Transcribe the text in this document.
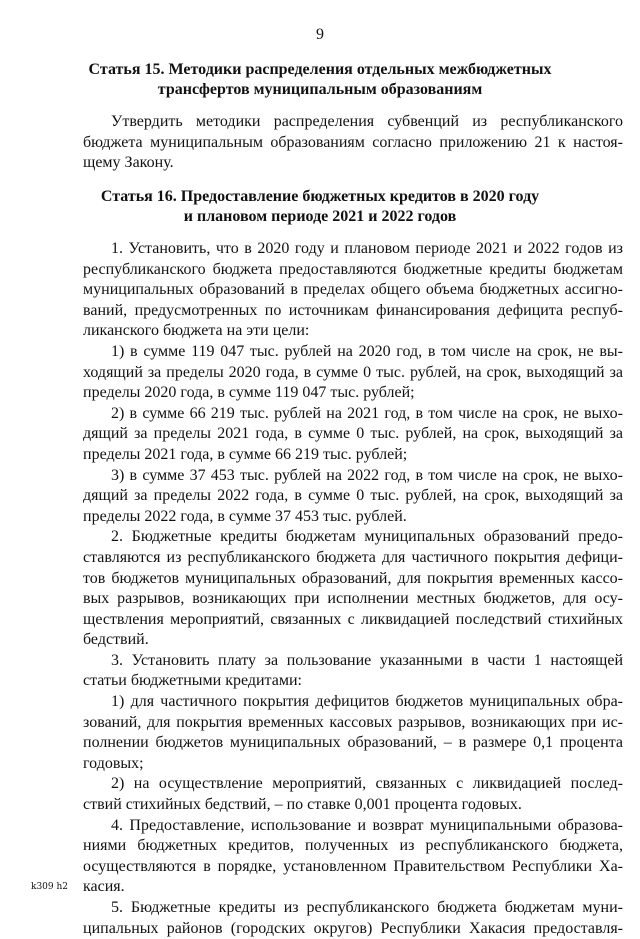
9
Статья 15. Методики распределения отдельных межбюджетных
трансфертов муниципальным образованиям
Утвердить методики распределения субвенций из республиканского
бюджета муниципальным образованиям согласно приложению 21 к настоя-
щему Закону.
Статья 16. Предоставление бюджетных кредитов в 2020 году
и плановом периоде 2021 и 2022 годов
1. Установить, что в 2020 году и плановом периоде 2021 и 2022 годов из
республиканского бюджета предоставляются бюджетные кредиты бюджетам
муниципальных образований в пределах общего объема бюджетных ассигно-
ваний, предусмотренных по источникам финансирования дефицита респуб-
ликанского бюджета на эти цели:
1) в сумме 119 047 тыс. рублей на 2020 год, в том числе на срок, не вы-
ходящий за пределы 2020 года, в сумме 0 тыс. рублей, на срок, выходящий за
пределы 2020 года, в сумме 119 047 тыс. рублей;
2) в сумме 66 219 тыс. рублей на 2021 год, в том числе на срок, не выхо-
дящий за пределы 2021 года, в сумме 0 тыс. рублей, на срок, выходящий за
пределы 2021 года, в сумме 66 219 тыс. рублей;
3) в сумме 37 453 тыс. рублей на 2022 год, в том числе на срок, не выхо-
дящий за пределы 2022 года, в сумме 0 тыс. рублей, на срок, выходящий за
пределы 2022 года, в сумме 37 453 тыс. рублей.
2. Бюджетные кредиты бюджетам муниципальных образований предо-
ставляются из республиканского бюджета для частичного покрытия дефици-
тов бюджетов муниципальных образований, для покрытия временных кассо-
вых разрывов, возникающих при исполнении местных бюджетов, для осу-
ществления мероприятий, связанных с ликвидацией последствий стихийных
бедствий.
3. Установить плату за пользование указанными в части 1 настоящей
статьи бюджетными кредитами:
1) для частичного покрытия дефицитов бюджетов муниципальных обра-
зований, для покрытия временных кассовых разрывов, возникающих при ис-
полнении бюджетов муниципальных образований, – в размере 0,1 процента
годовых;
2) на осуществление мероприятий, связанных с ликвидацией послед-
ствий стихийных бедствий, – по ставке 0,001 процента годовых.
4. Предоставление, использование и возврат муниципальными образова-
ниями бюджетных кредитов, полученных из республиканского бюджета,
осуществляются в порядке, установленном Правительством Республики Ха-
касия.
5. Бюджетные кредиты из республиканского бюджета бюджетам муни-
ципальных районов (городских округов) Республики Хакасия предоставля-
k309 h2
